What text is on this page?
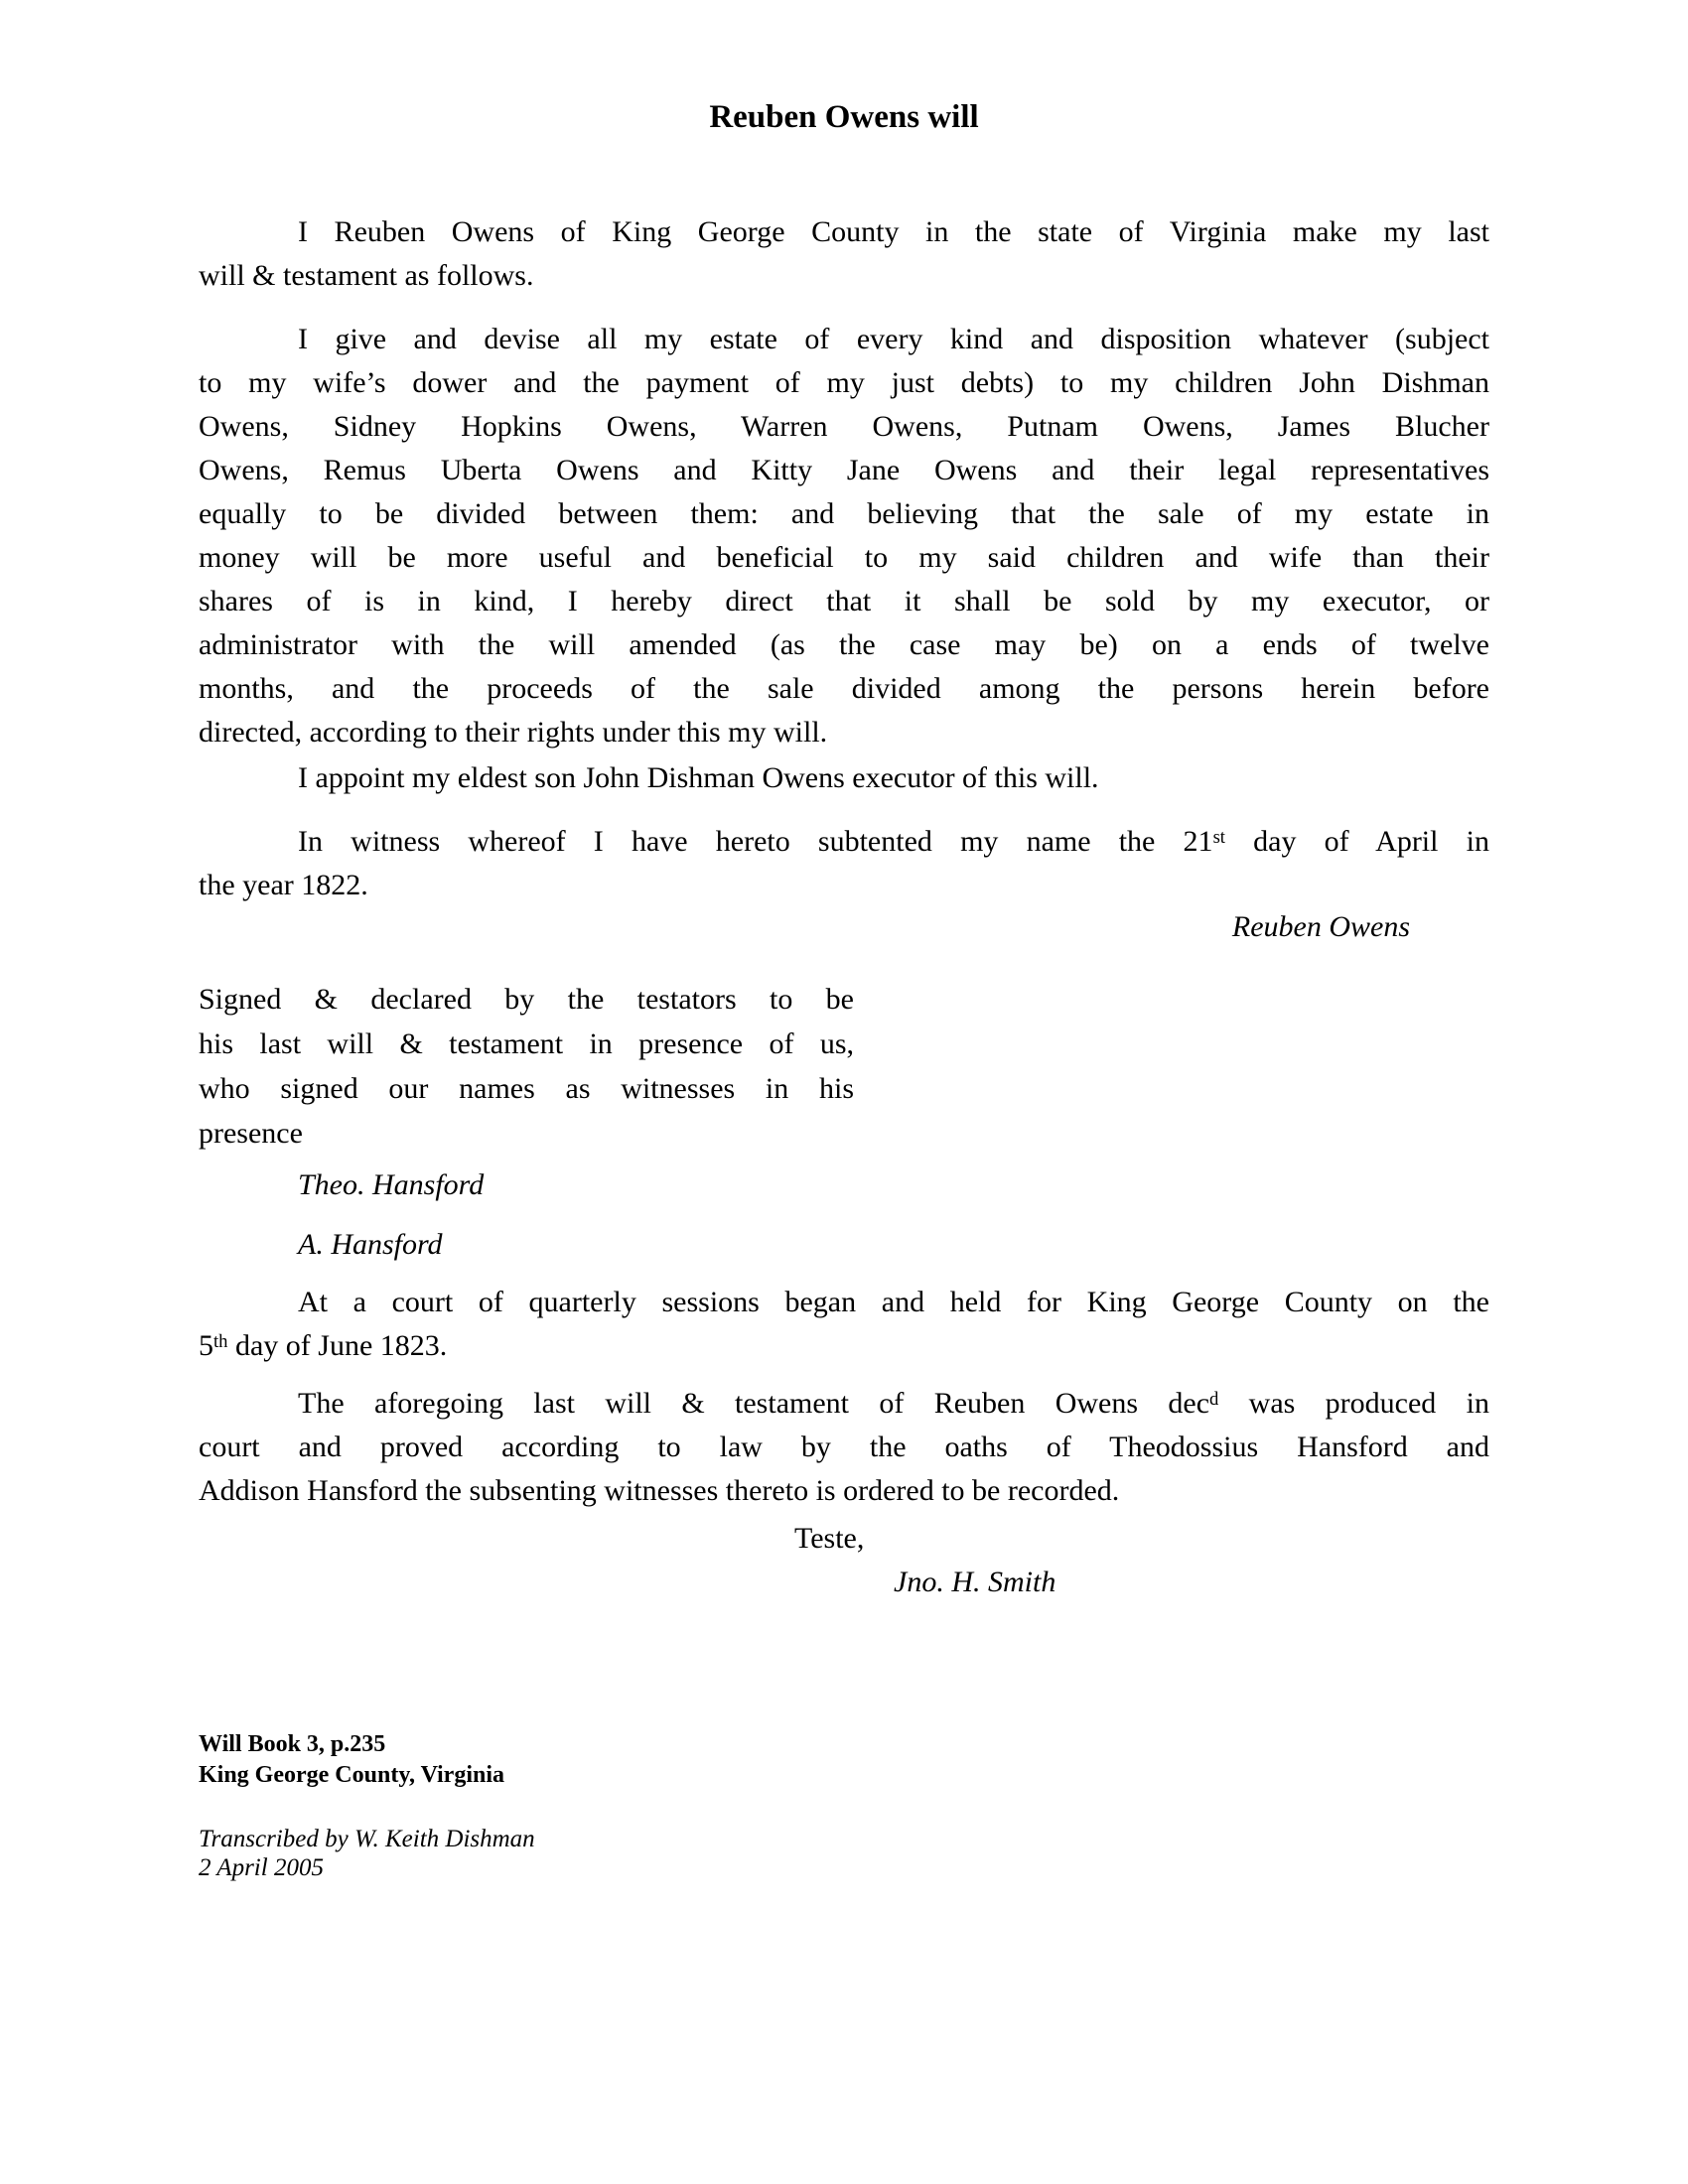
Reuben Owens will
I Reuben Owens of King George County in the state of Virginia make my last
will & testament as follows.
I give and devise all my estate of every kind and disposition whatever (subject
to my wife’s dower and the payment of my just debts) to my children John Dishman
Owens, Sidney Hopkins Owens, Warren Owens, Putnam Owens, James Blucher
Owens, Remus Uberta Owens and Kitty Jane Owens and their legal representatives
equally to be divided between them: and believing that the sale of my estate in
money will be more useful and beneficial to my said children and wife than their
shares of is in kind, I hereby direct that it shall be sold by my executor, or
administrator with the will amended (as the case may be) on a ends of twelve
months, and the proceeds of the sale divided among the persons herein before
directed, according to their rights under this my will.
I appoint my eldest son John Dishman Owens executor of this will.
In witness whereof I have hereto subtented my name the 21st day of April in
the year 1822.
Reuben Owens
Signed & declared by the testators to be
his last will & testament in presence of us,
who signed our names as witnesses in his
presence
Theo. Hansford
A. Hansford
At a court of quarterly sessions began and held for King George County on the
5th day of June 1823.
The aforegoing last will & testament of Reuben Owens dec$^d$ was produced in
court and proved according to law by the oaths of Theodossius Hansford and
Addison Hansford the subsenting witnesses thereto is ordered to be recorded.
Teste,
Jno. H. Smith
Will Book 3, p.235
King George County, Virginia
Transcribed by W. Keith Dishman
2 April 2005
